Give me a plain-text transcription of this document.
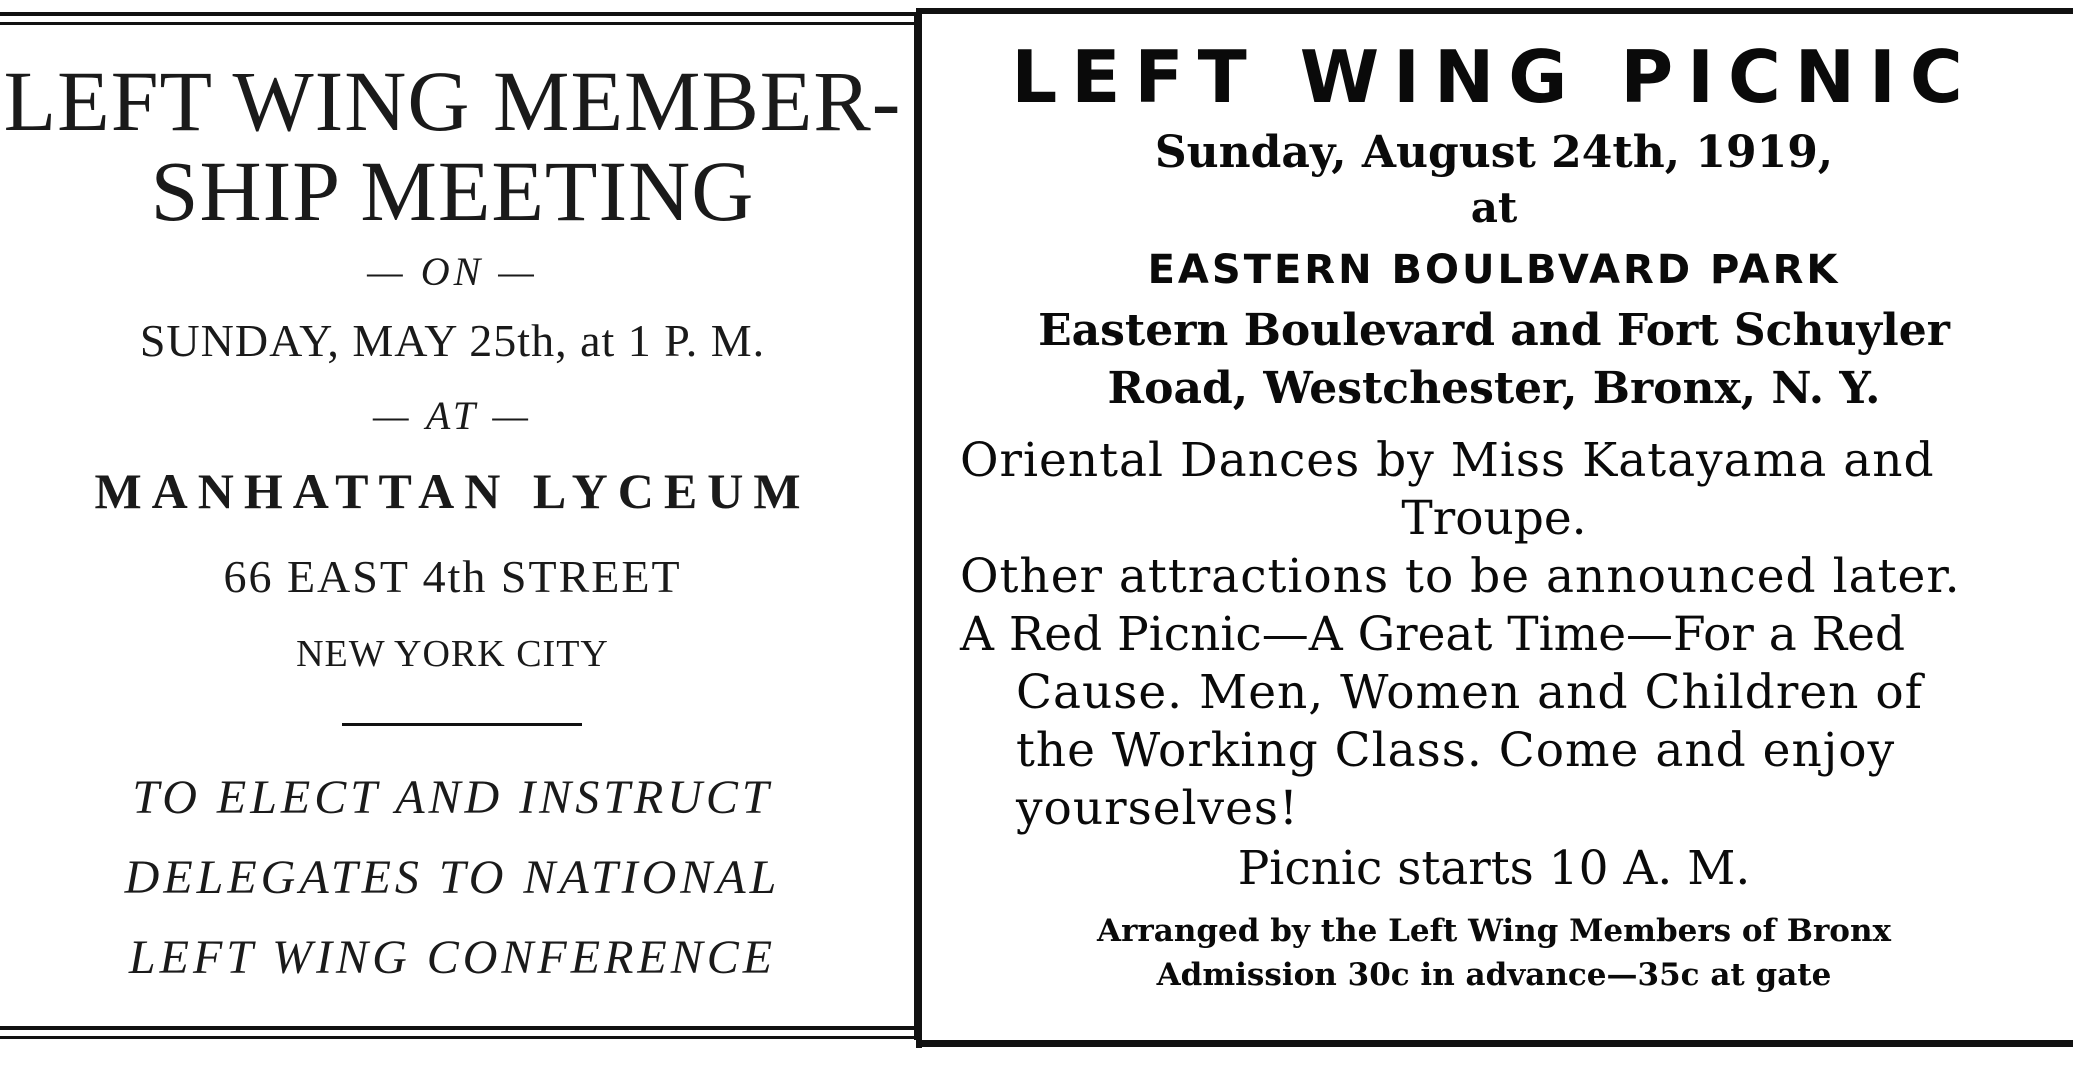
LEFT WING MEMBER-
SHIP MEETING
— ON —
SUNDAY, MAY 25th, at 1 P. M.
— AT —
MANHATTAN LYCEUM
66 EAST 4th STREET
NEW YORK CITY
TO ELECT AND INSTRUCT
DELEGATES TO NATIONAL
LEFT WING CONFERENCE
LEFT WING PICNIC
Sunday, August 24th, 1919,
at
EASTERN BOULBVARD PARK
Eastern Boulevard and Fort Schuyler
Road, Westchester, Bronx, N. Y.
Oriental Dances by Miss Katayama and
Troupe.
Other attractions to be announced later.
A Red Picnic—A Great Time—For a Red
Cause. Men, Women and Children of
the Working Class. Come and enjoy
yourselves!
Picnic starts 10 A. M.
Arranged by the Left Wing Members of Bronx
Admission 30c in advance—35c at gate
